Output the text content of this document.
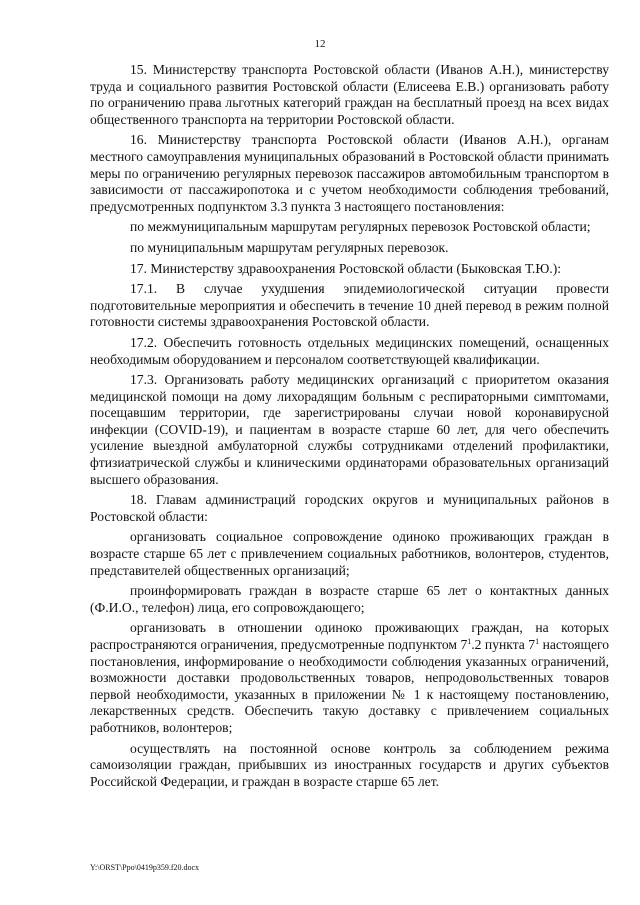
12

15. Министерству транспорта Ростовской области (Иванов А.Н.), министерству труда и социального развития Ростовской области (Елисеева Е.В.) организовать работу по ограничению права льготных категорий граждан на бесплатный проезд на всех видах общественного транспорта на территории Ростовской области.

16. Министерству транспорта Ростовской области (Иванов А.Н.), органам местного самоуправления муниципальных образований в Ростовской области принимать меры по ограничению регулярных перевозок пассажиров автомобильным транспортом в зависимости от пассажиропотока и с учетом необходимости соблюдения требований, предусмотренных подпунктом 3.3 пункта 3 настоящего постановления:

по межмуниципальным маршрутам регулярных перевозок Ростовской области;

по муниципальным маршрутам регулярных перевозок.

17. Министерству здравоохранения Ростовской области (Быковская Т.Ю.):

17.1. В случае ухудшения эпидемиологической ситуации провести подготовительные мероприятия и обеспечить в течение 10 дней перевод в режим полной готовности системы здравоохранения Ростовской области.

17.2. Обеспечить готовность отдельных медицинских помещений, оснащенных необходимым оборудованием и персоналом соответствующей квалификации.

17.3. Организовать работу медицинских организаций с приоритетом оказания медицинской помощи на дому лихорадящим больным с респираторными симптомами, посещавшим территории, где зарегистрированы случаи новой коронавирусной инфекции (COVID-19), и пациентам в возрасте старше 60 лет, для чего обеспечить усиление выездной амбулаторной службы сотрудниками отделений профилактики, фтизиатрической службы и клиническими ординаторами образовательных организаций высшего образования.

18. Главам администраций городских округов и муниципальных районов в Ростовской области:

организовать социальное сопровождение одиноко проживающих граждан в возрасте старше 65 лет с привлечением социальных работников, волонтеров, студентов, представителей общественных организаций;

проинформировать граждан в возрасте старше 65 лет о контактных данных (Ф.И.О., телефон) лица, его сопровождающего;

организовать в отношении одиноко проживающих граждан, на которых распространяются ограничения, предусмотренные подпунктом $7^1.2$ пункта $7^1$ настоящего постановления, информирование о необходимости соблюдения указанных ограничений, возможности доставки продовольственных товаров, непродовольственных товаров первой необходимости, указанных в приложении № 1 к настоящему постановлению, лекарственных средств. Обеспечить такую доставку с привлечением социальных работников, волонтеров;

осуществлять на постоянной основе контроль за соблюдением режима самоизоляции граждан, прибывших из иностранных государств и других субъектов Российской Федерации, и граждан в возрасте старше 65 лет.

Y:\ORST\Ppo\0419p359.f20.docx
